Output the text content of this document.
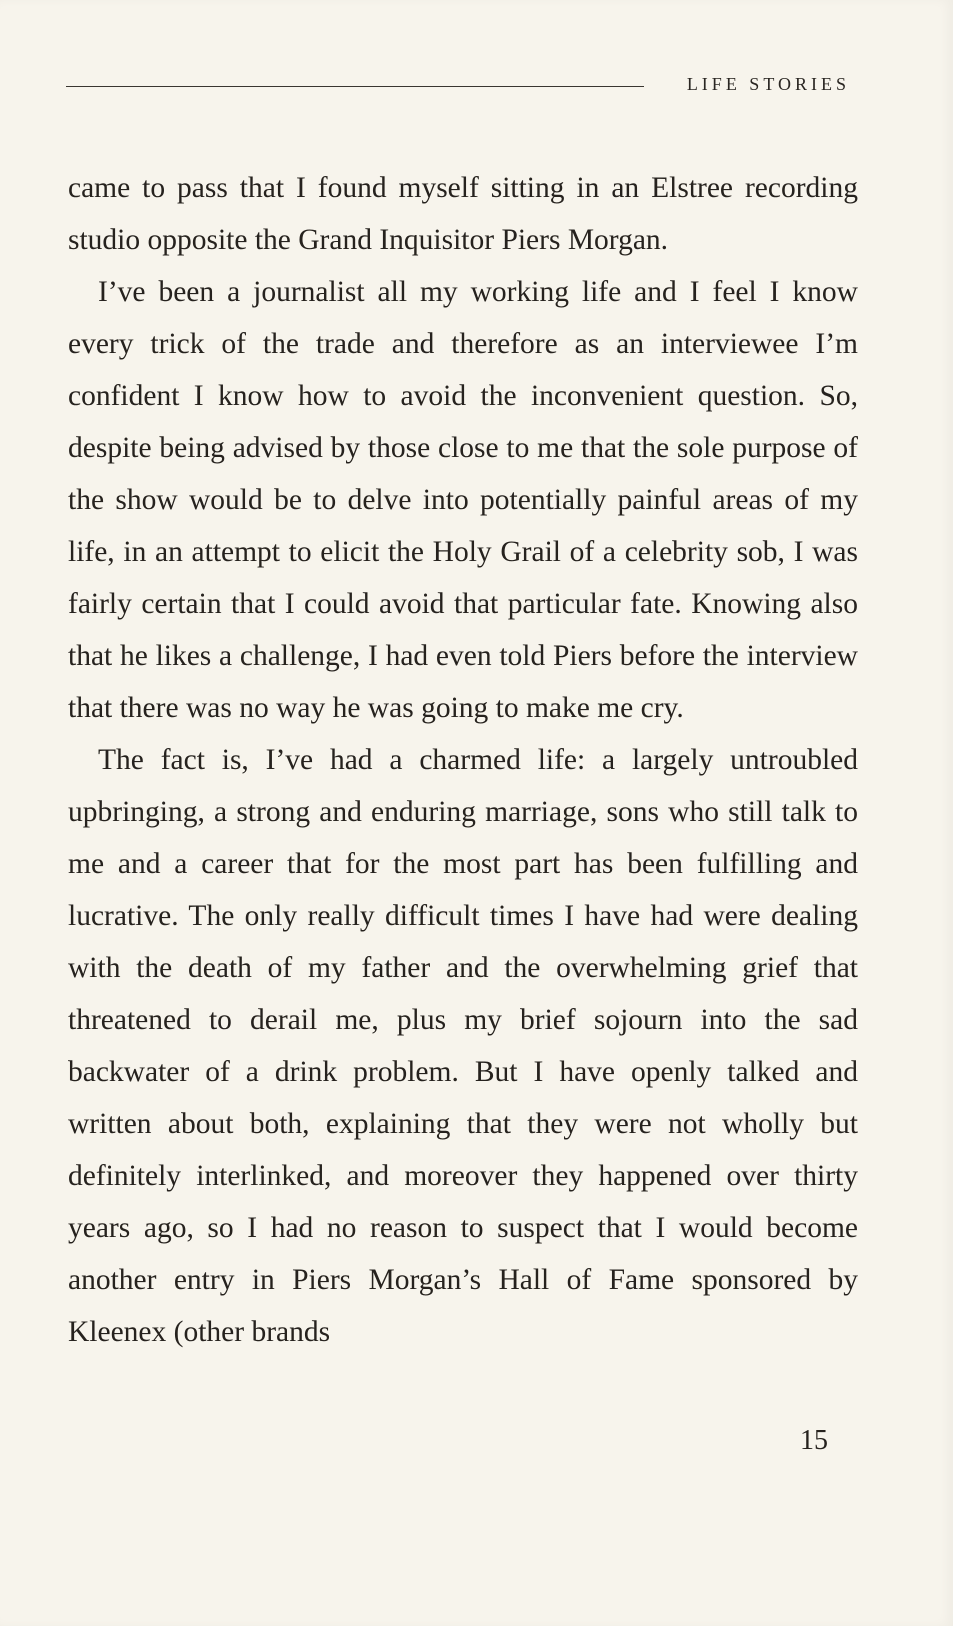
LIFE STORIES

came to pass that I found myself sitting in an Elstree recording studio opposite the Grand Inquisitor Piers Morgan.

I’ve been a journalist all my working life and I feel I know every trick of the trade and therefore as an interviewee I’m confident I know how to avoid the inconvenient question. So, despite being advised by those close to me that the sole purpose of the show would be to delve into potentially painful areas of my life, in an attempt to elicit the Holy Grail of a celebrity sob, I was fairly certain that I could avoid that particular fate. Knowing also that he likes a challenge, I had even told Piers before the interview that there was no way he was going to make me cry.

The fact is, I’ve had a charmed life: a largely untroubled upbringing, a strong and enduring marriage, sons who still talk to me and a career that for the most part has been fulfilling and lucrative. The only really difficult times I have had were dealing with the death of my father and the overwhelming grief that threatened to derail me, plus my brief sojourn into the sad backwater of a drink problem. But I have openly talked and written about both, explaining that they were not wholly but definitely interlinked, and moreover they happened over thirty years ago, so I had no reason to suspect that I would become another entry in Piers Morgan’s Hall of Fame sponsored by Kleenex (other brands

15
